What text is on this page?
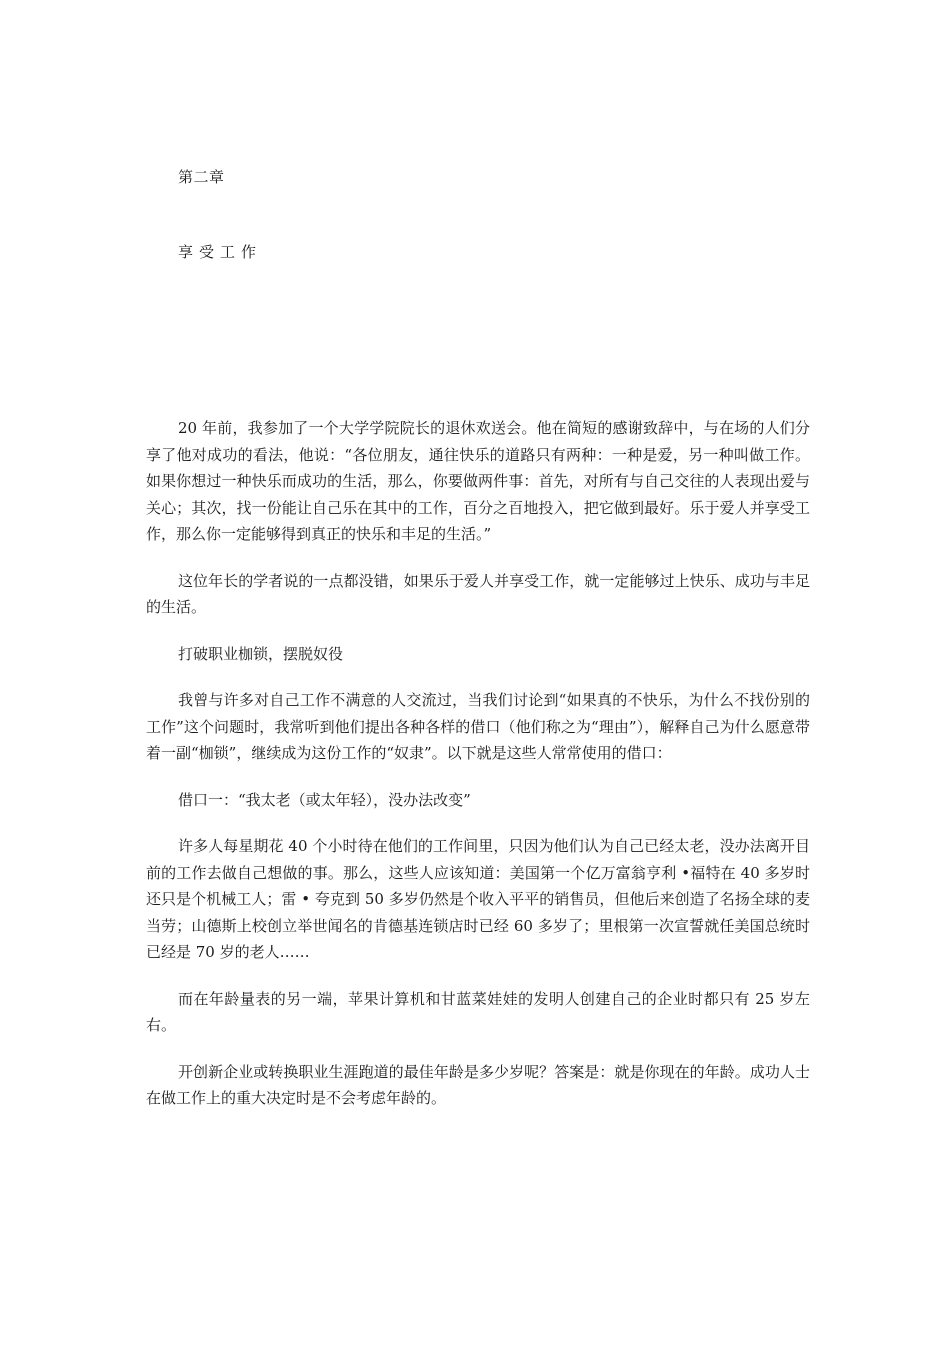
第二章
享受工作

20 年前，我参加了一个大学学院院长的退休欢送会。他在简短的感谢致辞中，与在场的人们分享了他对成功的看法，他说：“各位朋友，通往快乐的道路只有两种：一种是爱，另一种叫做工作。如果你想过一种快乐而成功的生活，那么，你要做两件事：首先，对所有与自己交往的人表现出爱与关心；其次，找一份能让自己乐在其中的工作，百分之百地投入，把它做到最好。乐于爱人并享受工作，那么你一定能够得到真正的快乐和丰足的生活。”

这位年长的学者说的一点都没错，如果乐于爱人并享受工作，就一定能够过上快乐、成功与丰足的生活。

打破职业枷锁，摆脱奴役

我曾与许多对自己工作不满意的人交流过，当我们讨论到“如果真的不快乐，为什么不找份别的工作”这个问题时，我常听到他们提出各种各样的借口（他们称之为“理由”），解释自己为什么愿意带着一副“枷锁”，继续成为这份工作的“奴隶”。以下就是这些人常常使用的借口：

借口一：“我太老（或太年轻），没办法改变”

许多人每星期花 40 个小时待在他们的工作间里，只因为他们认为自己已经太老，没办法离开目前的工作去做自己想做的事。那么，这些人应该知道：美国第一个亿万富翁亨利 •福特在 40 多岁时还只是个机械工人；雷 • 夸克到 50 多岁仍然是个收入平平的销售员，但他后来创造了名扬全球的麦当劳；山德斯上校创立举世闻名的肯德基连锁店时已经 60 多岁了；里根第一次宣誓就任美国总统时已经是 70 岁的老人……

而在年龄量表的另一端，苹果计算机和甘蓝菜娃娃的发明人创建自己的企业时都只有 25 岁左右。

开创新企业或转换职业生涯跑道的最佳年龄是多少岁呢？答案是：就是你现在的年龄。成功人士在做工作上的重大决定时是不会考虑年龄的。
